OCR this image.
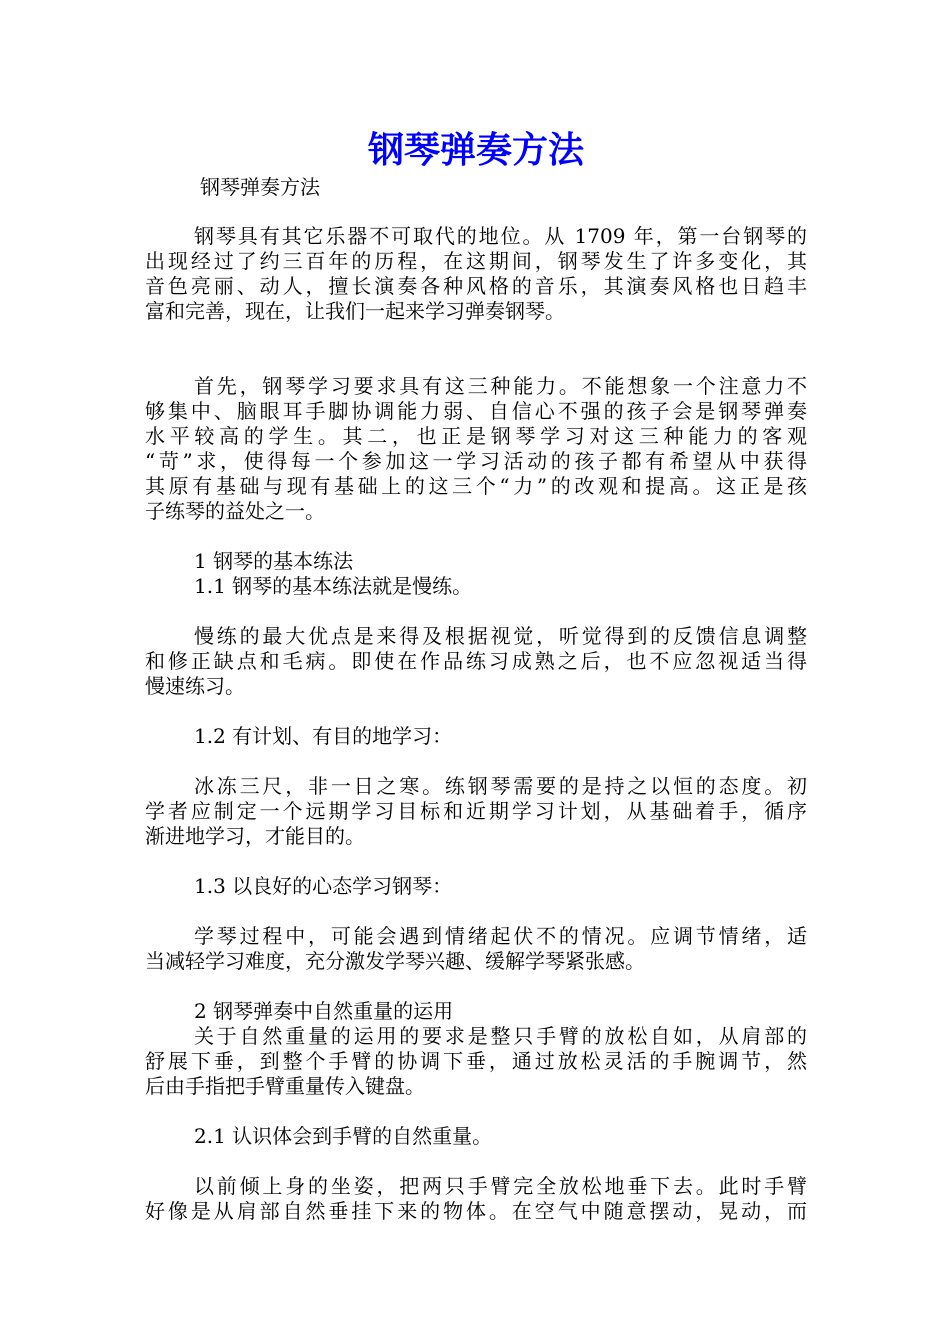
钢琴弹奏方法

钢琴弹奏方法

钢琴具有其它乐器不可取代的地位。从 1709 年，第一台钢琴的

出现经过了约三百年的历程，在这期间，钢琴发生了许多变化，其

音色亮丽、动人，擅长演奏各种风格的音乐，其演奏风格也日趋丰

富和完善，现在，让我们一起来学习弹奏钢琴。

首先，钢琴学习要求具有这三种能力。不能想象一个注意力不

够集中、脑眼耳手脚协调能力弱、自信心不强的孩子会是钢琴弹奏

水平较高的学生。其二，也正是钢琴学习对这三种能力的客观

“苛”求，使得每一个参加这一学习活动的孩子都有希望从中获得

其原有基础与现有基础上的这三个“力”的改观和提高。这正是孩

子练琴的益处之一。

1 钢琴的基本练法

1.1 钢琴的基本练法就是慢练。

慢练的最大优点是来得及根据视觉，听觉得到的反馈信息调整

和修正缺点和毛病。即使在作品练习成熟之后，也不应忽视适当得

慢速练习。

1.2 有计划、有目的地学习：

冰冻三尺，非一日之寒。练钢琴需要的是持之以恒的态度。初

学者应制定一个远期学习目标和近期学习计划，从基础着手，循序

渐进地学习，才能目的。

1.3 以良好的心态学习钢琴：

学琴过程中，可能会遇到情绪起伏不的情况。应调节情绪，适

当减轻学习难度，充分激发学琴兴趣、缓解学琴紧张感。

2 钢琴弹奏中自然重量的运用

关于自然重量的运用的要求是整只手臂的放松自如，从肩部的

舒展下垂，到整个手臂的协调下垂，通过放松灵活的手腕调节，然

后由手指把手臂重量传入键盘。

2.1 认识体会到手臂的自然重量。

以前倾上身的坐姿，把两只手臂完全放松地垂下去。此时手臂

好像是从肩部自然垂挂下来的物体。在空气中随意摆动，晃动，而
